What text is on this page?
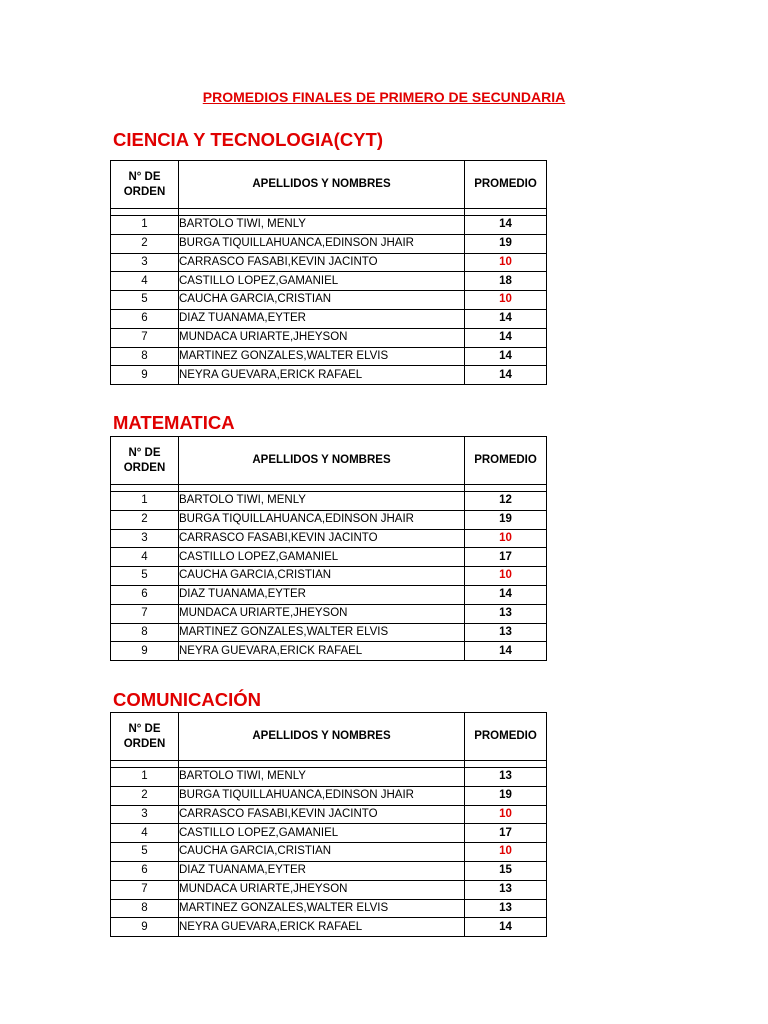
PROMEDIOS FINALES DE PRIMERO DE SECUNDARIA
CIENCIA Y TECNOLOGIA(CYT)
N° DE
ORDEN	APELLIDOS Y NOMBRES	PROMEDIO

1	BARTOLO TIWI, MENLY	14
2	BURGA TIQUILLAHUANCA,EDINSON JHAIR	19
3	CARRASCO FASABI,KEVIN JACINTO	10
4	CASTILLO LOPEZ,GAMANIEL	18
5	CAUCHA GARCIA,CRISTIAN	10
6	DIAZ TUANAMA,EYTER	14
7	MUNDACA URIARTE,JHEYSON	14
8	MARTINEZ GONZALES,WALTER ELVIS	14
9	NEYRA GUEVARA,ERICK RAFAEL	14
MATEMATICA
N° DE
ORDEN	APELLIDOS Y NOMBRES	PROMEDIO

1	BARTOLO TIWI, MENLY	12
2	BURGA TIQUILLAHUANCA,EDINSON JHAIR	19
3	CARRASCO FASABI,KEVIN JACINTO	10
4	CASTILLO LOPEZ,GAMANIEL	17
5	CAUCHA GARCIA,CRISTIAN	10
6	DIAZ TUANAMA,EYTER	14
7	MUNDACA URIARTE,JHEYSON	13
8	MARTINEZ GONZALES,WALTER ELVIS	13
9	NEYRA GUEVARA,ERICK RAFAEL	14
COMUNICACIÓN
N° DE
ORDEN	APELLIDOS Y NOMBRES	PROMEDIO

1	BARTOLO TIWI, MENLY	13
2	BURGA TIQUILLAHUANCA,EDINSON JHAIR	19
3	CARRASCO FASABI,KEVIN JACINTO	10
4	CASTILLO LOPEZ,GAMANIEL	17
5	CAUCHA GARCIA,CRISTIAN	10
6	DIAZ TUANAMA,EYTER	15
7	MUNDACA URIARTE,JHEYSON	13
8	MARTINEZ GONZALES,WALTER ELVIS	13
9	NEYRA GUEVARA,ERICK RAFAEL	14
